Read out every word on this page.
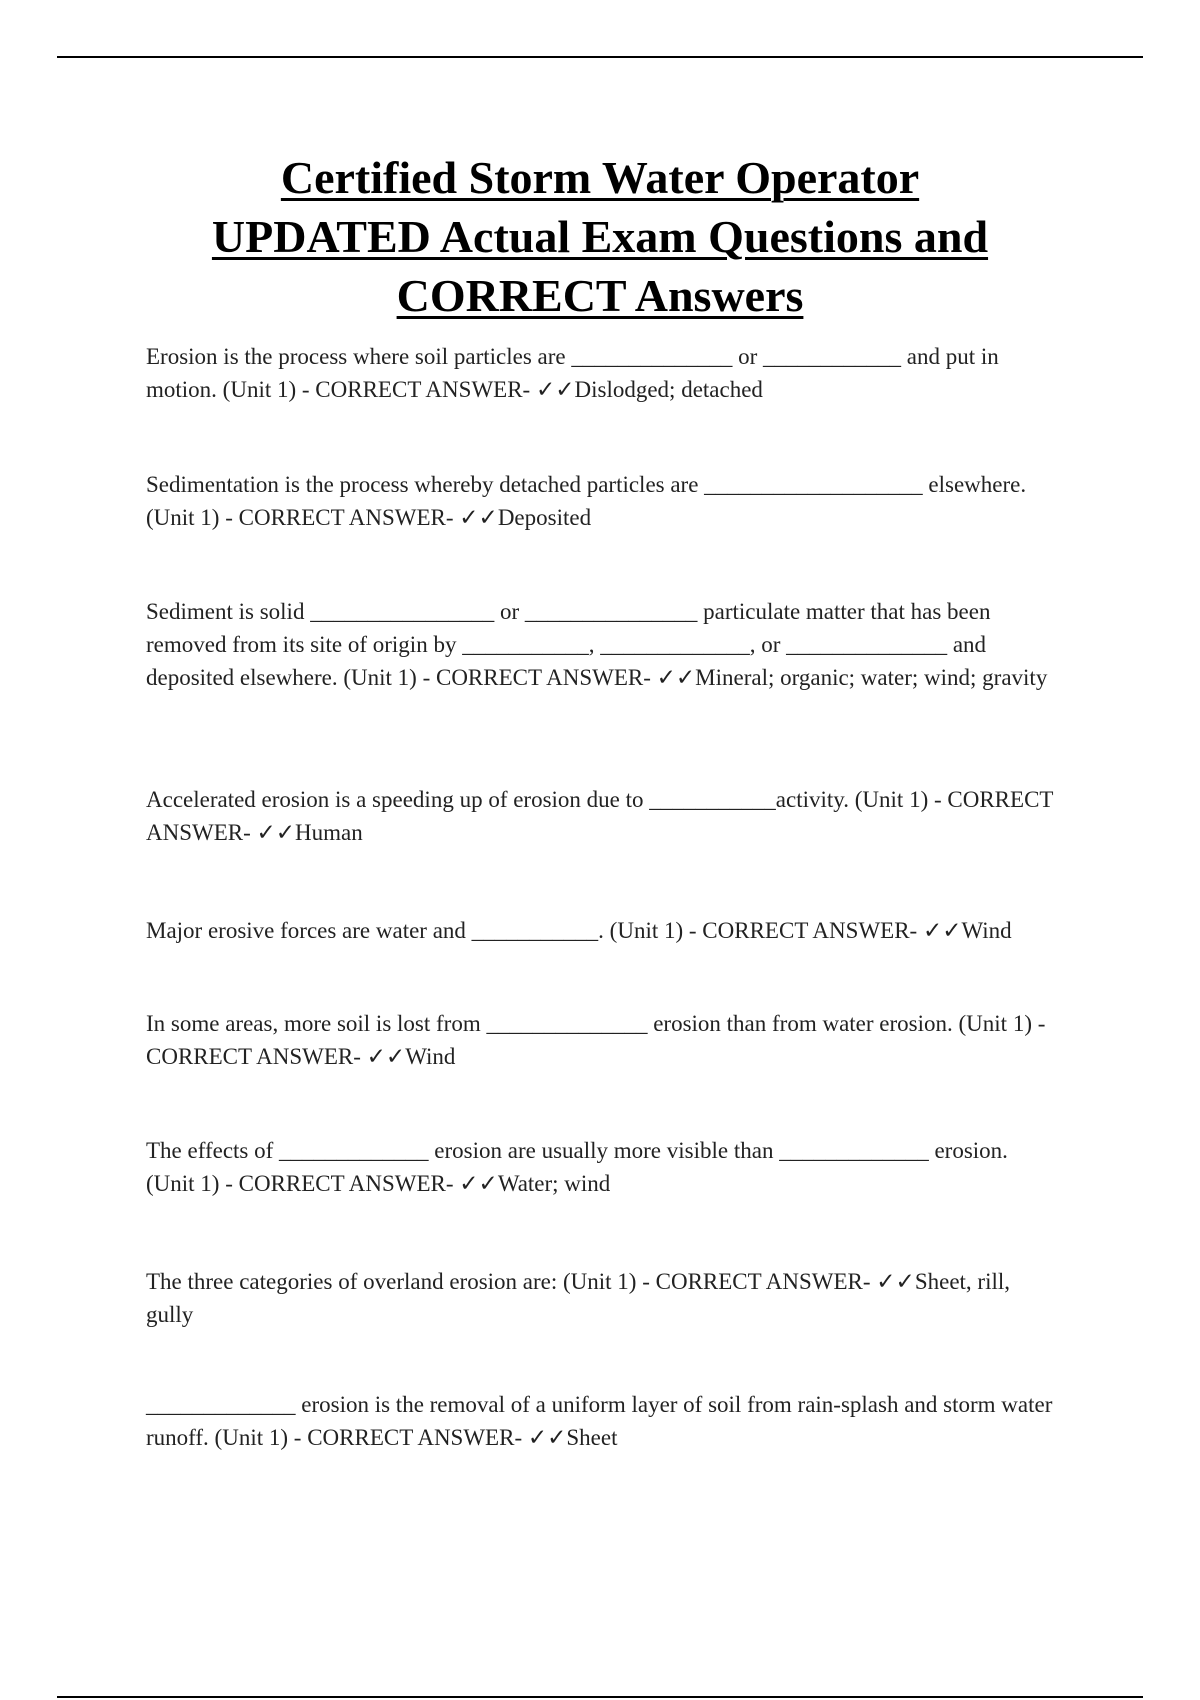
Certified Storm Water Operator
UPDATED Actual Exam Questions and
CORRECT Answers

Erosion is the process where soil particles are ______________ or ____________ and put in motion. (Unit 1) - CORRECT ANSWER- ✓✓Dislodged; detached

Sedimentation is the process whereby detached particles are ___________________ elsewhere. (Unit 1) - CORRECT ANSWER- ✓✓Deposited

Sediment is solid ________________ or _______________ particulate matter that has been removed from its site of origin by ___________, _____________, or ______________ and deposited elsewhere. (Unit 1) - CORRECT ANSWER- ✓✓Mineral; organic; water; wind; gravity

Accelerated erosion is a speeding up of erosion due to ___________activity. (Unit 1) - CORRECT ANSWER- ✓✓Human

Major erosive forces are water and ___________. (Unit 1) - CORRECT ANSWER- ✓✓Wind

In some areas, more soil is lost from ______________ erosion than from water erosion. (Unit 1) - CORRECT ANSWER- ✓✓Wind

The effects of _____________ erosion are usually more visible than _____________ erosion. (Unit 1) - CORRECT ANSWER- ✓✓Water; wind

The three categories of overland erosion are: (Unit 1) - CORRECT ANSWER- ✓✓Sheet, rill, gully

_____________ erosion is the removal of a uniform layer of soil from rain-splash and storm water runoff. (Unit 1) - CORRECT ANSWER- ✓✓Sheet
